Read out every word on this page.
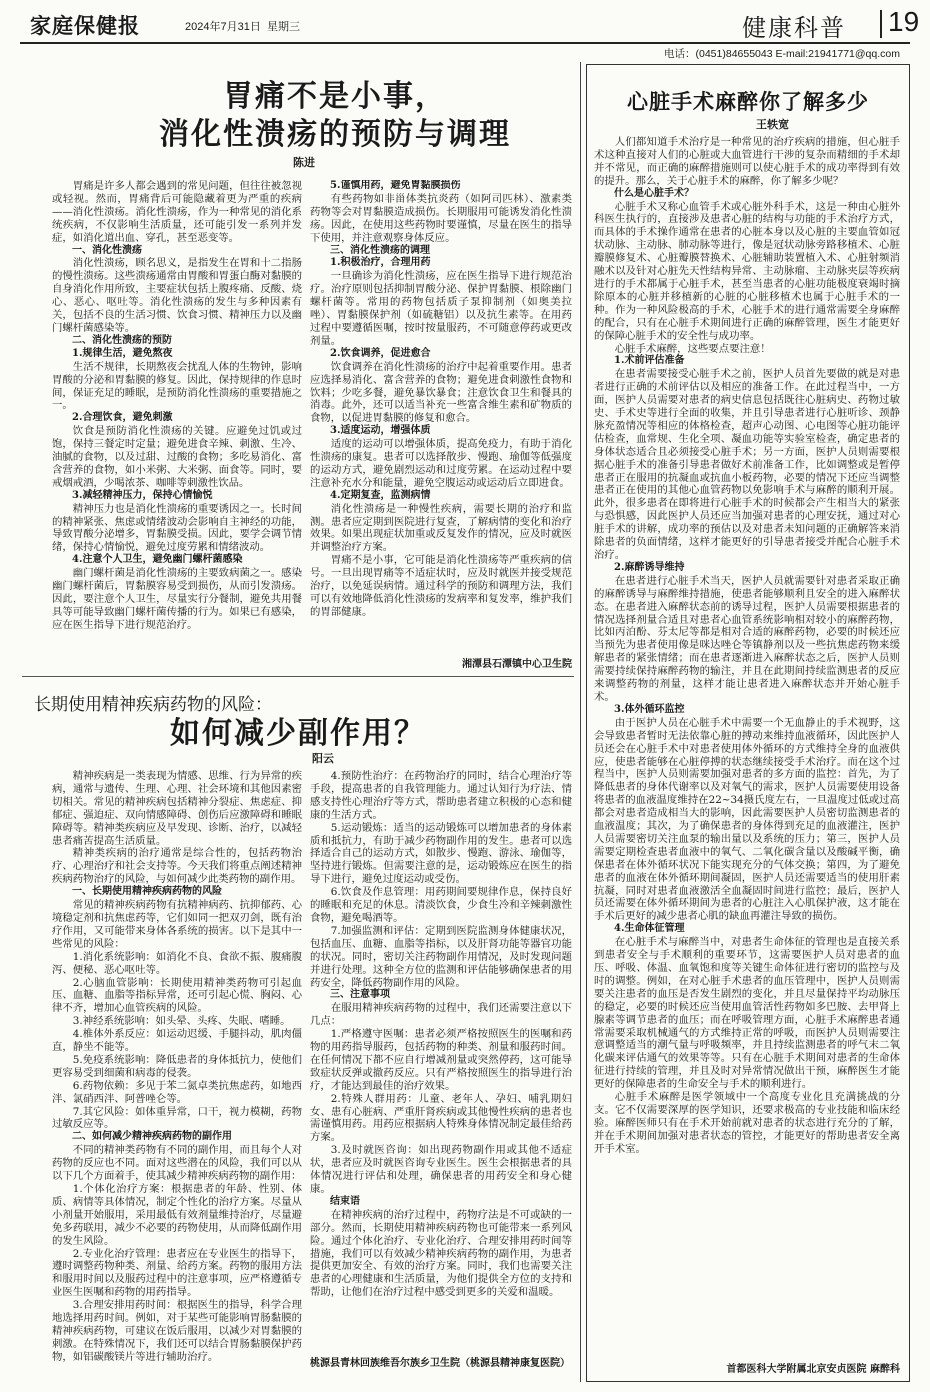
家庭保健报	2024年7月31日 星期三	健康科普 19
电话：(0451)84655043 E-mail:21941771@qq.com
胃痛不是小事，
消化性溃疡的预防与调理
陈进

胃痛是许多人都会遇到的常见问题，但往往被忽视或轻视。然而，胃痛背后可能隐藏着更为严重的疾病——消化性溃疡。消化性溃疡，作为一种常见的消化系统疾病，不仅影响生活质量，还可能引发一系列并发症，如消化道出血、穿孔，甚至恶变等。

一、消化性溃疡

消化性溃疡，顾名思义，是指发生在胃和十二指肠的慢性溃疡。这些溃疡通常由胃酸和胃蛋白酶对黏膜的自身消化作用所致，主要症状包括上腹疼痛、反酸、烧心、恶心、呕吐等。消化性溃疡的发生与多种因素有关，包括不良的生活习惯、饮食习惯、精神压力以及幽门螺杆菌感染等。

二、消化性溃疡的预防

1.规律生活，避免熬夜

生活不规律，长期熬夜会扰乱人体的生物钟，影响胃酸的分泌和胃黏膜的修复。因此，保持规律的作息时间，保证充足的睡眠，是预防消化性溃疡的重要措施之一。

2.合理饮食，避免刺激

饮食是预防消化性溃疡的关键。应避免过饥或过饱，保持三餐定时定量；避免进食辛辣、刺激、生冷、油腻的食物，以及过甜、过酸的食物；多吃易消化、富含营养的食物，如小米粥、大米粥、面食等。同时，要戒烟戒酒，少喝浓茶、咖啡等刺激性饮品。

3.减轻精神压力，保持心情愉悦

精神压力也是消化性溃疡的重要诱因之一。长时间的精神紧张、焦虑或情绪波动会影响自主神经的功能，导致胃酸分泌增多，胃黏膜受损。因此，要学会调节情绪，保持心情愉悦，避免过度劳累和情绪波动。

4.注意个人卫生，避免幽门螺杆菌感染

幽门螺杆菌是消化性溃疡的主要致病菌之一。感染幽门螺杆菌后，胃黏膜容易受到损伤，从而引发溃疡。因此，要注意个人卫生，尽量实行分餐制，避免共用餐具等可能导致幽门螺杆菌传播的行为。如果已有感染，应在医生指导下进行规范治疗。

5.谨慎用药，避免胃黏膜损伤

有些药物如非甾体类抗炎药（如阿司匹林）、激素类药物等会对胃黏膜造成损伤。长期服用可能诱发消化性溃疡。因此，在使用这些药物时要谨慎，尽量在医生的指导下使用，并注意观察身体反应。

三、消化性溃疡的调理

1.积极治疗，合理用药

一旦确诊为消化性溃疡，应在医生指导下进行规范治疗。治疗原则包括抑制胃酸分泌、保护胃黏膜、根除幽门螺杆菌等。常用的药物包括质子泵抑制剂（如奥美拉唑）、胃黏膜保护剂（如硫糖铝）以及抗生素等。在用药过程中要遵循医嘱，按时按量服药，不可随意停药或更改剂量。

2.饮食调养，促进愈合

饮食调养在消化性溃疡的治疗中起着重要作用。患者应选择易消化、富含营养的食物；避免进食刺激性食物和饮料；少吃多餐，避免暴饮暴食；注意饮食卫生和餐具的消毒。此外，还可以适当补充一些富含维生素和矿物质的食物，以促进胃黏膜的修复和愈合。

3.适度运动，增强体质

适度的运动可以增强体质，提高免疫力，有助于消化性溃疡的康复。患者可以选择散步、慢跑、瑜伽等低强度的运动方式，避免剧烈运动和过度劳累。在运动过程中要注意补充水分和能量，避免空腹运动或运动后立即进食。

4.定期复查，监测病情

消化性溃疡是一种慢性疾病，需要长期的治疗和监测。患者应定期到医院进行复查，了解病情的变化和治疗效果。如果出现症状加重或反复发作的情况，应及时就医并调整治疗方案。

胃痛不是小事，它可能是消化性溃疡等严重疾病的信号。一旦出现胃痛等不适症状时，应及时就医并接受规范治疗，以免延误病情。通过科学的预防和调理方法，我们可以有效地降低消化性溃疡的发病率和复发率，维护我们的胃部健康。

湘潭县石潭镇中心卫生院
长期使用精神疾病药物的风险：
如何减少副作用？
阳云

精神疾病是一类表现为情感、思维、行为异常的疾病，通常与遗传、生理、心理、社会环境和其他因素密切相关。常见的精神疾病包括精神分裂症、焦虑症、抑郁症、强迫症、双向情感障碍、创伤后应激障碍和睡眠障碍等。精神类疾病应及早发现、诊断、治疗，以减轻患者痛苦提高生活质量。

精神类疾病的治疗通常是综合性的，包括药物治疗、心理治疗和社会支持等。今天我们将重点阐述精神疾病药物治疗的风险，与如何减少此类药物的副作用。

一、长期使用精神疾病药物的风险

常见的精神疾病药物有抗精神病药、抗抑郁药、心境稳定剂和抗焦虑药等，它们如同一把双刃剑，既有治疗作用，又可能带来身体各系统的损害。以下是其中一些常见的风险：

1.消化系统影响：如消化不良、食欲不振、腹痛腹泻、便秘、恶心呕吐等。

2.心脑血管影响：长期使用精神类药物可引起血压、血糖、血脂等指标异常，还可引起心慌、胸闷、心律不齐，增加心血管疾病的风险。

3.神经系统影响：如头晕、头疼、失眠、嗜睡。

4.椎体外系反应：如运动迟缓、手腿抖动，肌肉僵直，静坐不能等。

5.免疫系统影响：降低患者的身体抵抗力，使他们更容易受到细菌和病毒的侵袭。

6.药物依赖：多见于苯二氮卓类抗焦虑药，如地西泮、氯硝西泮、阿普唑仑等。

7.其它风险：如体重异常，口干，视力模糊，药物过敏反应等。

二、如何减少精神疾病药物的副作用

不同的精神类药物有不同的副作用，而且每个人对药物的反应也不同。面对这些潜在的风险，我们可以从以下几个方面着手，使其减少精神疾病药物的副作用：

1.个体化治疗方案：根据患者的年龄、性别、体质、病情等具体情况，制定个性化的治疗方案。尽量从小剂量开始服用，采用最低有效剂量维持治疗，尽量避免多药联用，减少不必要的药物使用，从而降低副作用的发生风险。

2.专业化治疗管理：患者应在专业医生的指导下，遵时调整药物种类、剂量、给药方案。药物的服用方法和服用时间以及服药过程中的注意事项，应严格遵循专业医生医嘱和药物的用药指导。

3.合理安排用药时间：根据医生的指导，科学合理地选择用药时间。例如，对于某些可能影响胃肠黏膜的精神疾病药物，可建议在饭后服用，以减少对胃黏膜的刺激。在特殊情况下，我们还可以结合胃肠黏膜保护药物，如铝碳酸镁片等进行辅助治疗。

4.预防性治疗：在药物治疗的同时，结合心理治疗等手段，提高患者的自我管理能力。通过认知行为疗法、情感支持性心理治疗等方式，帮助患者建立积极的心态和健康的生活方式。

5.运动锻炼：适当的运动锻炼可以增加患者的身体素质和抵抗力，有助于减少药物副作用的发生。患者可以选择适合自己的运动方式，如散步、慢跑、游泳、瑜伽等，坚持进行锻炼。但需要注意的是，运动锻炼应在医生的指导下进行，避免过度运动或受伤。

6.饮食及作息管理：用药期间要规律作息，保持良好的睡眠和充足的休息。清淡饮食，少食生冷和辛辣刺激性食物，避免喝酒等。

7.加强监测和评估：定期到医院监测身体健康状况，包括血压、血糖、血脂等指标，以及肝肾功能等器官功能的状况。同时，密切关注药物副作用情况，及时发现问题并进行处理。这种全方位的监测和评估能够确保患者的用药安全，降低药物副作用的风险。

三、注意事项

在服用精神疾病药物的过程中，我们还需要注意以下几点：

1.严格遵守医嘱：患者必须严格按照医生的医嘱和药物的用药指导服药，包括药物的种类、剂量和服药时间。在任何情况下都不应自行增减剂量或突然停药，这可能导致症状反弹或撤药反应。只有严格按照医生的指导进行治疗，才能达到最佳的治疗效果。

2.特殊人群用药：儿童、老年人、孕妇、哺乳期妇女、患有心脏病、严重肝肾疾病或其他慢性疾病的患者也需谨慎用药。用药应根据病人特殊身体情况制定最佳给药方案。

3.及时就医咨询：如出现药物副作用或其他不适症状，患者应及时就医咨询专业医生。医生会根据患者的具体情况进行评估和处理，确保患者的用药安全和身心健康。

结束语

在精神疾病的治疗过程中，药物疗法是不可或缺的一部分。然而，长期使用精神疾病药物也可能带来一系列风险。通过个体化治疗、专业化治疗、合理安排用药时间等措施，我们可以有效减少精神疾病药物的副作用，为患者提供更加安全、有效的治疗方案。同时，我们也需要关注患者的心理健康和生活质量，为他们提供全方位的支持和帮助，让他们在治疗过程中感受到更多的关爱和温暖。

桃源县青林回族维吾尔族乡卫生院（桃源县精神康复医院）
心脏手术麻醉你了解多少
王轶宽

人们都知道手术治疗是一种常见的治疗疾病的措施，但心脏手术这种直接对人们的心脏或大血管进行干涉的复杂而精细的手术却并不常见，而正确的麻醉措施则可以使心脏手术的成功率得到有效的提升。那么，关于心脏手术的麻醉，你了解多少呢？

什么是心脏手术？

心脏手术又称心血管手术或心脏外科手术，这是一种由心脏外科医生执行的，直接涉及患者心脏的结构与功能的手术治疗方式，而具体的手术操作通常在患者的心脏本身以及心脏的主要血管如冠状动脉、主动脉、肺动脉等进行，像是冠状动脉旁路移植术、心脏瓣膜修复术、心脏瓣膜替换术、心脏辅助装置植入术、心脏射频消融术以及针对心脏先天性结构异常、主动脉瘤、主动脉夹层等疾病进行的手术都属于心脏手术，甚至当患者的心脏功能极度衰竭时摘除原本的心脏并移植新的心脏的心脏移植术也属于心脏手术的一种。作为一种风险极高的手术，心脏手术的进行通常需要全身麻醉的配合，只有在心脏手术期间进行正确的麻醉管理，医生才能更好的保障心脏手术的安全性与成功率。

心脏手术麻醉，这些要点要注意！

1.术前评估准备

在患者需要接受心脏手术之前，医护人员首先要做的就是对患者进行正确的术前评估以及相应的准备工作。在此过程当中，一方面，医护人员需要对患者的病史信息包括既往心脏病史、药物过敏史、手术史等进行全面的收集，并且引导患者进行心脏听诊、颈静脉充盈情况等相应的体格检查，超声心动图、心电图等心脏功能评估检查，血常规、生化全项、凝血功能等实验室检查，确定患者的身体状态适合且必须接受心脏手术；另一方面，医护人员则需要根据心脏手术的准备引导患者做好术前准备工作，比如调整或是暂停患者正在服用的抗凝血或抗血小板药物，必要的情况下还应当调整患者正在使用的其他心血管药物以免影响手术与麻醉的顺利开展。此外，很多患者在即将进行心脏手术的时候都会产生相当大的紧张与恐惧感，因此医护人员还应当加强对患者的心理安抚，通过对心脏手术的讲解，成功率的预估以及对患者未知问题的正确解答来消除患者的负面情绪，这样才能更好的引导患者接受并配合心脏手术治疗。

2.麻醉诱导维持

在患者进行心脏手术当天，医护人员就需要针对患者采取正确的麻醉诱导与麻醉维持措施，使患者能够顺利且安全的进入麻醉状态。在患者进入麻醉状态前的诱导过程，医护人员需要根据患者的情况选择剂量合适且对患者心血管系统影响相对较小的麻醉药物，比如丙泊酚、芬太尼等都是相对合适的麻醉药物，必要的时候还应当预先为患者使用像是咪达唑仑等镇静剂以及一些抗焦虑药物来缓解患者的紧张情绪；而在患者逐渐进入麻醉状态之后，医护人员则需要持续保持麻醉药物的输注，并且在此期间持续监测患者的反应来调整药物的剂量，这样才能让患者进入麻醉状态并开始心脏手术。

3.体外循环监控

由于医护人员在心脏手术中需要一个无血静止的手术视野，这会导致患者暂时无法依靠心脏的搏动来维持血液循环，因此医护人员还会在心脏手术中对患者使用体外循环的方式维持全身的血液供应，使患者能够在心脏停搏的状态继续接受手术治疗。而在这个过程当中，医护人员则需要加强对患者的多方面的监控：首先，为了降低患者的身体代谢率以及对氧气的需求，医护人员需要使用设备将患者的血液温度维持在22~34摄氏度左右，一旦温度过低或过高都会对患者造成相当大的影响，因此需要医护人员密切监测患者的血液温度；其次，为了确保患者的身体得到充足的血液灌注，医护人员需要密切关注血泵的输出量以及系统的压力；第三，医护人员需要定期检查患者血液中的氧气、二氧化碳含量以及酸碱平衡，确保患者在体外循环状况下能实现充分的气体交换；第四，为了避免患者的血液在体外循环期间凝固，医护人员还需要适当的使用肝素抗凝，同时对患者血液激活全血凝固时间进行监控；最后，医护人员还需要在体外循环期间为患者的心脏注入心肌保护液，这才能在手术后更好的减少患者心肌的缺血再灌注导致的损伤。

4.生命体征管理

在心脏手术与麻醉当中，对患者生命体征的管理也是直接关系到患者安全与手术顺利的重要环节，这需要医护人员对患者的血压、呼吸、体温、血氧饱和度等关键生命体征进行密切的监控与及时的调整。例如，在对心脏手术患者的血压管理中，医护人员则需要关注患者的血压是否发生剧烈的变化，并且尽量保持平均动脉压的稳定，必要的时候还应当使用血管活性药物如多巴胺、去甲肾上腺素等调节患者的血压；而在呼吸管理方面，心脏手术麻醉患者通常需要采取机械通气的方式维持正常的呼吸，而医护人员则需要注意调整适当的潮气量与呼吸频率，并且持续监测患者的呼气末二氧化碳来评估通气的效果等等。只有在心脏手术期间对患者的生命体征进行持续的管理，并且及时对异常情况做出干预，麻醉医生才能更好的保障患者的生命安全与手术的顺利进行。

心脏手术麻醉是医学领域中一个高度专业化且充满挑战的分支。它不仅需要深厚的医学知识，还要求极高的专业技能和临床经验。麻醉医师只有在手术开始前就对患者的状态进行充分的了解，并在手术期间加强对患者状态的管控，才能更好的帮助患者安全离开手术室。

首都医科大学附属北京安贞医院 麻醉科
